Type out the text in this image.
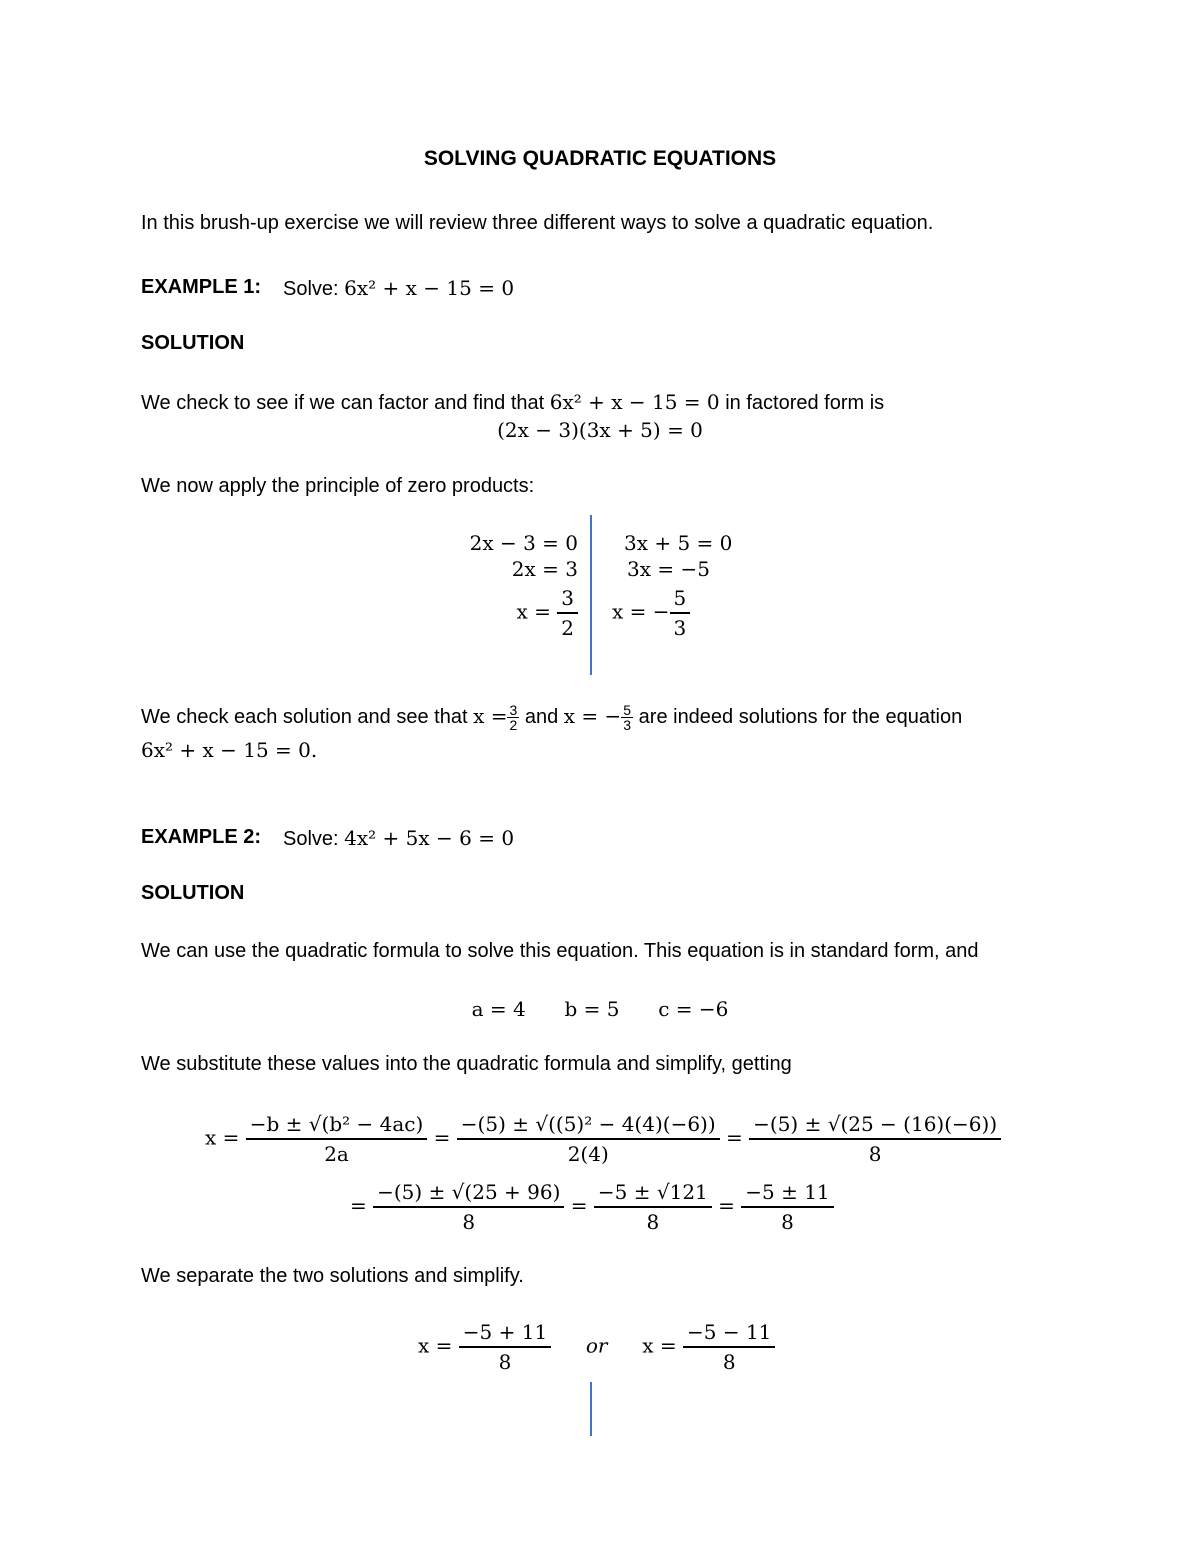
SOLVING QUADRATIC EQUATIONS
In this brush-up exercise we will review three different ways to solve a quadratic equation.
EXAMPLE 1: Solve: 6x² + x − 15 = 0
SOLUTION
We check to see if we can factor and find that 6x² + x − 15 = 0 in factored form is
(2x − 3)(3x + 5) = 0
We now apply the principle of zero products:
2x − 3 = 0
2x = 3
$x = \frac{3}{2}$
3x + 5 = 0
3x = −5
x = − $\frac{5}{3}$
We check each solution and see that $x = \frac{3}{2}$ and x = − $\frac{5}{3}$ are indeed solutions for the equation
6x² + x − 15 = 0.
EXAMPLE 2: Solve: 4x² + 5x − 6 = 0
SOLUTION
We can use the quadratic formula to solve this equation. This equation is in standard form, and
a = 4 b = 5 c = −6
We substitute these values into the quadratic formula and simplify, getting
$x = \frac{\text{−b ± √(b² − 4ac)}}{2a} = \frac{\text{−(5) ± √((5)² − 4(4)(−6))}}{2(4)} = \frac{-(5) \pm √(25 - (16)(-6))}{8}$
= $\frac{-(5) \pm √(25 + 96)}{8} = \frac{-5 \pm √121}{8} = \frac{-5 \pm 11}{8}$
We separate the two solutions and simplify.
$x = \frac{-5 + 11}{8}$ or $x = \frac{-5 - 11}{8}$
